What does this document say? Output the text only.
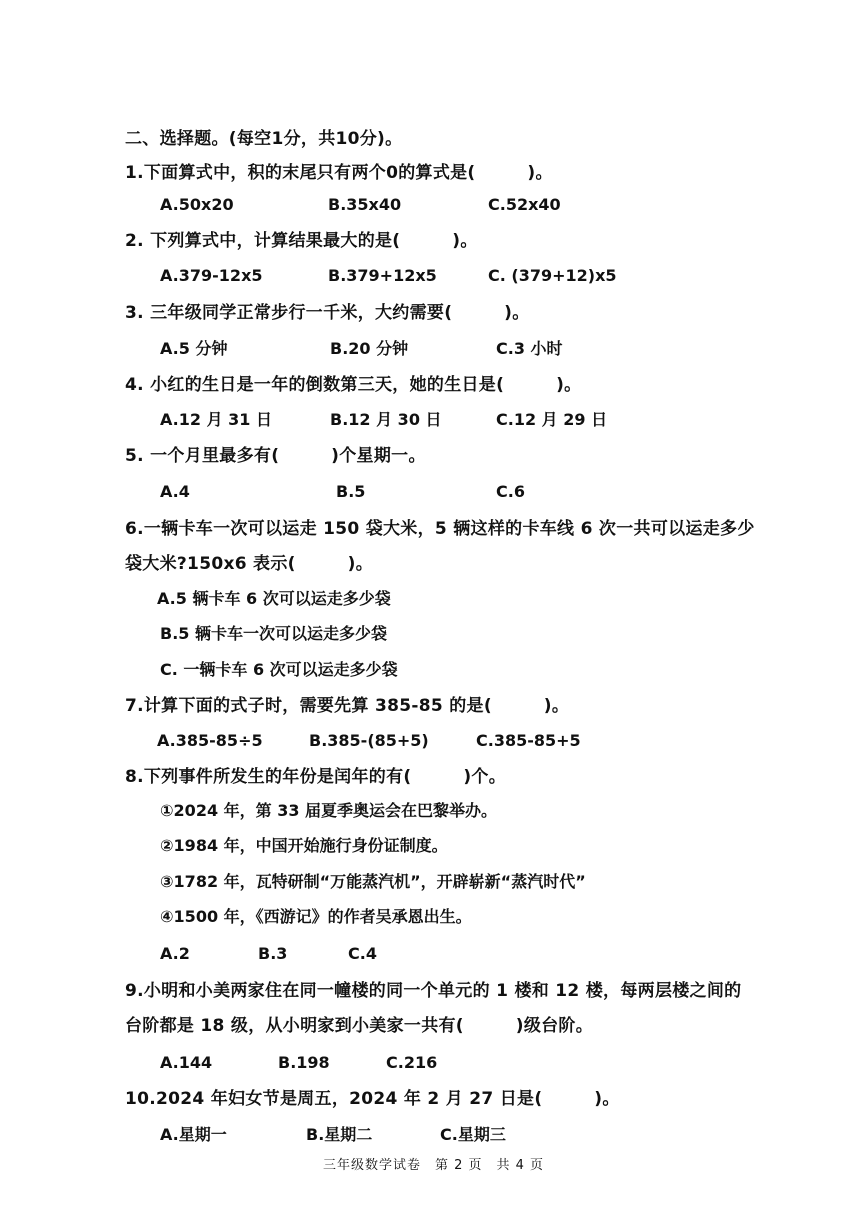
二、选择题。(每空1分，共10分)。
1.下面算式中，积的末尾只有两个0的算式是(　　　)。
A.50x20	B.35x40	C.52x40
2. 下列算式中，计算结果最大的是(　　　)。
A.379-12x5	B.379+12x5	C. (379+12)x5
3. 三年级同学正常步行一千米，大约需要(　　　)。
A.5 分钟	B.20 分钟	C.3 小时
4. 小红的生日是一年的倒数第三天，她的生日是(　　　)。
A.12 月 31 日	B.12 月 30 日	C.12 月 29 日
5. 一个月里最多有(　　　)个星期一。
A.4	B.5	C.6
6.一辆卡车一次可以运走 150 袋大米，5 辆这样的卡车线 6 次一共可以运走多少
袋大米?150x6 表示(　　　)。
A.5 辆卡车 6 次可以运走多少袋
B.5 辆卡车一次可以运走多少袋
C. 一辆卡车 6 次可以运走多少袋
7.计算下面的式子时，需要先算 385-85 的是(　　　)。
A.385-85÷5	B.385-(85+5)	C.385-85+5
8.下列事件所发生的年份是闰年的有(　　　)个。
①2024 年，第 33 届夏季奥运会在巴黎举办。
②1984 年，中国开始施行身份证制度。
③1782 年，瓦特研制“万能蒸汽机”，开辟崭新“蒸汽时代”
④1500 年，《西游记》的作者吴承恩出生。
A.2	B.3	C.4
9.小明和小美两家住在同一幢楼的同一个单元的 1 楼和 12 楼，每两层楼之间的
台阶都是 18 级，从小明家到小美家一共有(　　　)级台阶。
A.144	B.198	C.216
10.2024 年妇女节是周五，2024 年 2 月 27 日是(　　　)。
A.星期一	B.星期二	C.星期三
三年级数学试卷　第 2 页　共 4 页
